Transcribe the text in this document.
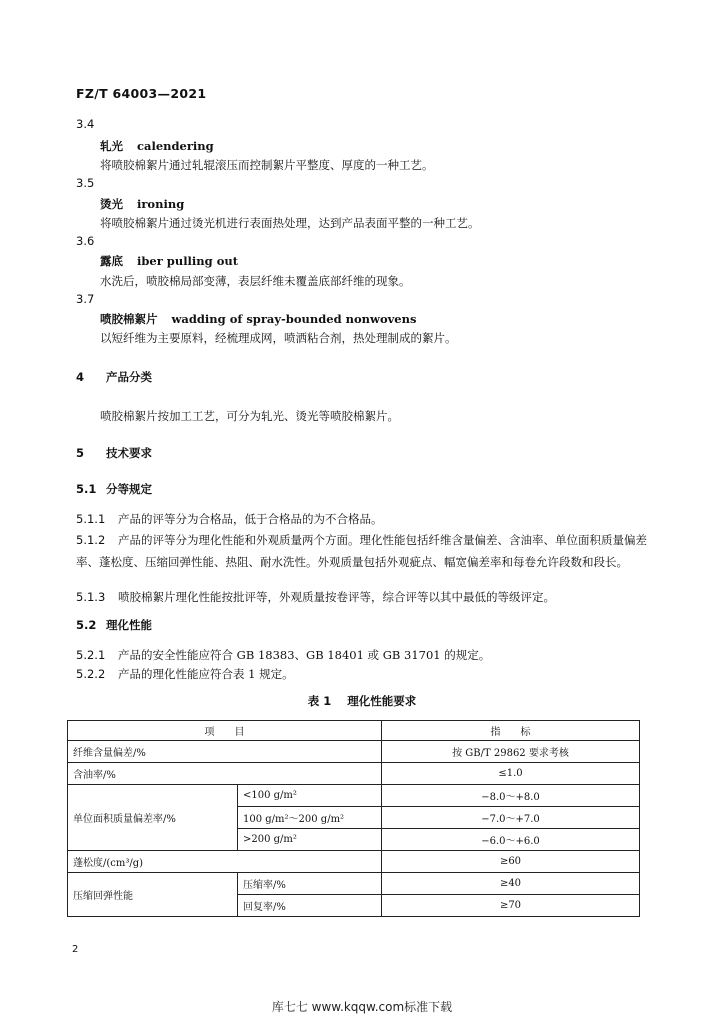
FZ/T 64003—2021
3.4
轧光 calendering
将喷胶棉絮片通过轧辊滚压而控制絮片平整度、厚度的一种工艺。
3.5
烫光 ironing
将喷胶棉絮片通过烫光机进行表面热处理，达到产品表面平整的一种工艺。
3.6
露底 iber pulling out
水洗后，喷胶棉局部变薄，表层纤维未覆盖底部纤维的现象。
3.7
喷胶棉絮片 wadding of spray-bounded nonwovens
以短纤维为主要原料，经梳理成网，喷洒粘合剂，热处理制成的絮片。
4 产品分类
喷胶棉絮片按加工工艺，可分为轧光、烫光等喷胶棉絮片。
5 技术要求
5.1 分等规定
5.1.1 产品的评等分为合格品，低于合格品的为不合格品。
5.1.2 产品的评等分为理化性能和外观质量两个方面。理化性能包括纤维含量偏差、含油率、单位面积质量偏差率、蓬松度、压缩回弹性能、热阻、耐水洗性。外观质量包括外观疵点、幅宽偏差率和每卷允许段数和段长。
5.1.3 喷胶棉絮片理化性能按批评等，外观质量按卷评等，综合评等以其中最低的等级评定。
5.2 理化性能
5.2.1 产品的安全性能应符合 GB 18383、GB 18401 或 GB 31701 的规定。
5.2.2 产品的理化性能应符合表 1 规定。
表 1 理化性能要求
项　　目		指　　标
纤维含量偏差/%		按 GB/T 29862 要求考核
含油率/%		≤1.0
单位面积质量偏差率/%	<100 g/m²	−8.0～+8.0
	100 g/m²～200 g/m²	−7.0～+7.0
	>200 g/m²	−6.0～+6.0
蓬松度/(cm³/g)		≥60
压缩回弹性能	压缩率/%	≥40
	回复率/%	≥70
2
库七七 www.kqqw.com标准下载
